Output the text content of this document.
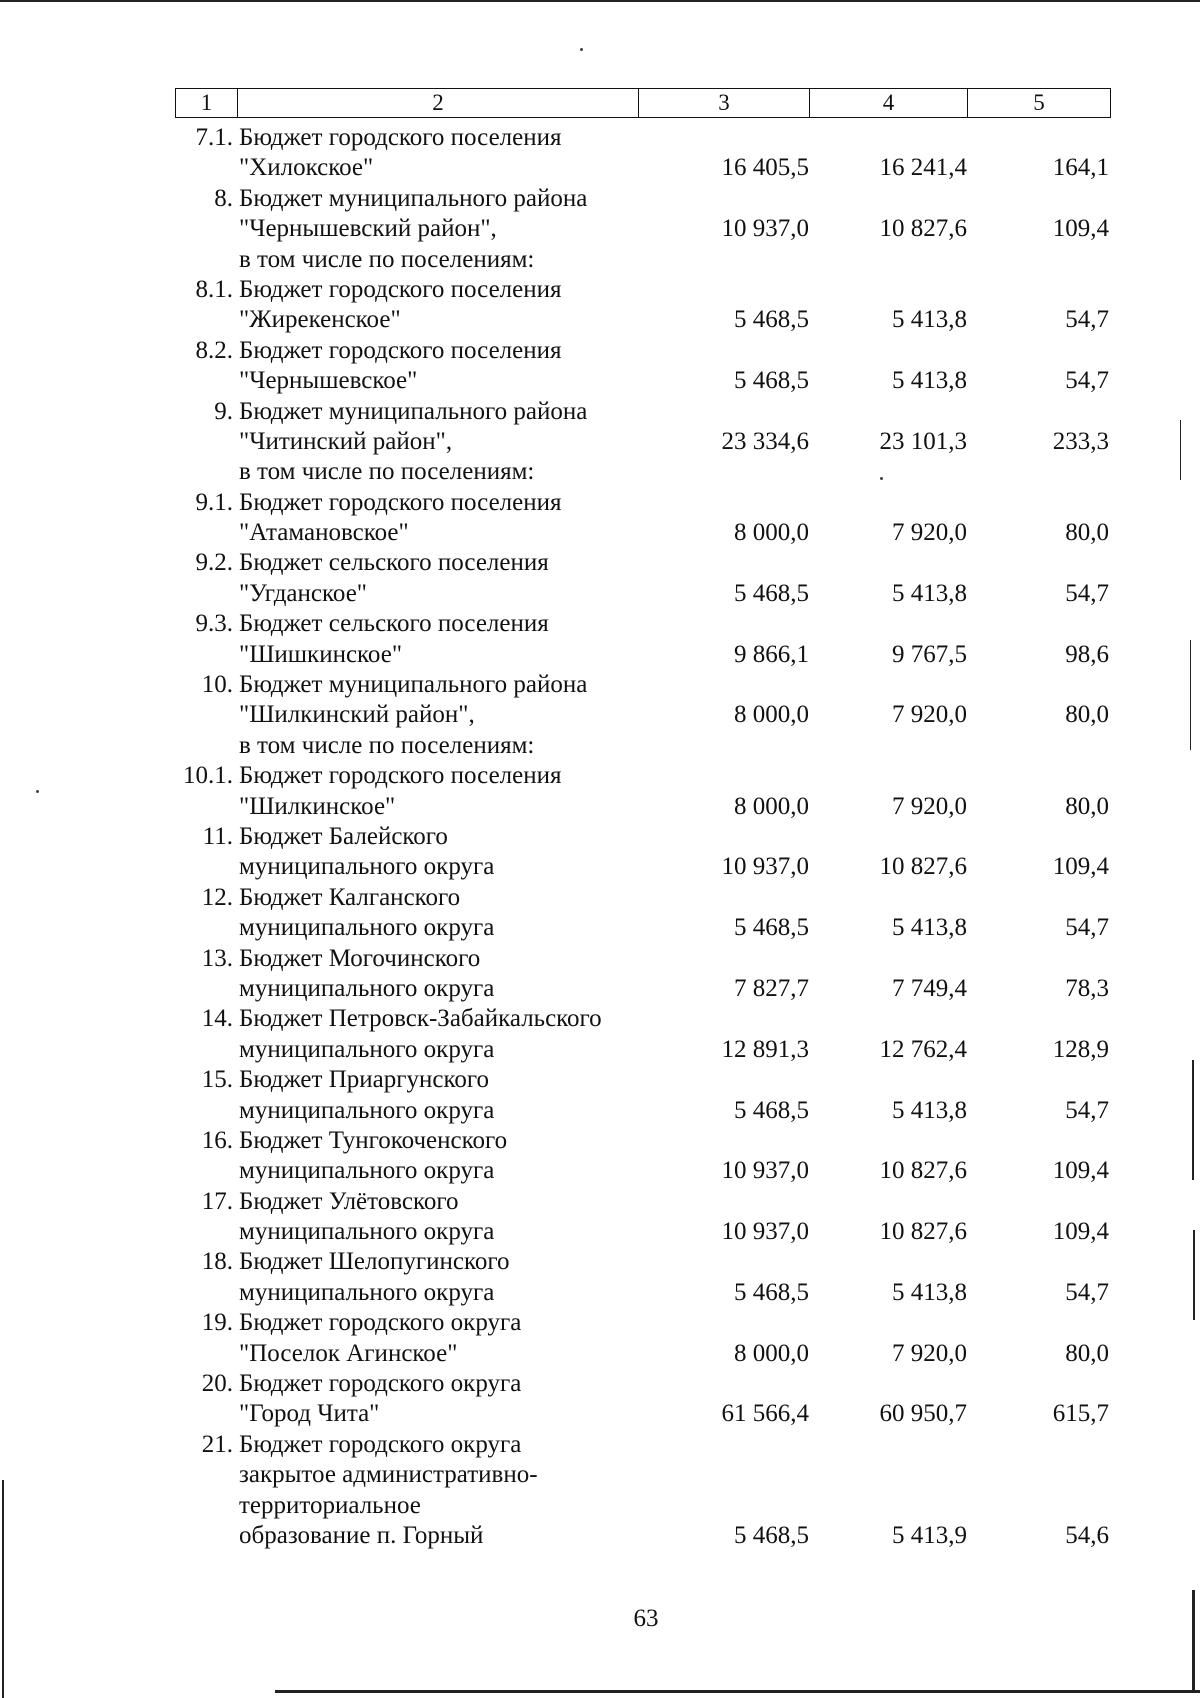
1	2	3	4	5
7.1. Бюджет городского поселения
"Хилокское"	16 405,5	16 241,4	164,1
8. Бюджет муниципального района
"Чернышевский район",	10 937,0	10 827,6	109,4
в том числе по поселениям:
8.1. Бюджет городского поселения
"Жирекенское"	5 468,5	5 413,8	54,7
8.2. Бюджет городского поселения
"Чернышевское"	5 468,5	5 413,8	54,7
9. Бюджет муниципального района
"Читинский район",	23 334,6	23 101,3	233,3
в том числе по поселениям:
9.1. Бюджет городского поселения
"Атамановское"	8 000,0	7 920,0	80,0
9.2. Бюджет сельского поселения
"Угданское"	5 468,5	5 413,8	54,7
9.3. Бюджет сельского поселения
"Шишкинское"	9 866,1	9 767,5	98,6
10. Бюджет муниципального района
"Шилкинский район",	8 000,0	7 920,0	80,0
в том числе по поселениям:
10.1. Бюджет городского поселения
"Шилкинское"	8 000,0	7 920,0	80,0
11. Бюджет Балейского
муниципального округа	10 937,0	10 827,6	109,4
12. Бюджет Калганского
муниципального округа	5 468,5	5 413,8	54,7
13. Бюджет Могочинского
муниципального округа	7 827,7	7 749,4	78,3
14. Бюджет Петровск-Забайкальского
муниципального округа	12 891,3	12 762,4	128,9
15. Бюджет Приаргунского
муниципального округа	5 468,5	5 413,8	54,7
16. Бюджет Тунгокоченского
муниципального округа	10 937,0	10 827,6	109,4
17. Бюджет Улётовского
муниципального округа	10 937,0	10 827,6	109,4
18. Бюджет Шелопугинского
муниципального округа	5 468,5	5 413,8	54,7
19. Бюджет городского округа
"Поселок Агинское"	8 000,0	7 920,0	80,0
20. Бюджет городского округа
"Город Чита"	61 566,4	60 950,7	615,7
21. Бюджет городского округа
закрытое административно-
территориальное
образование п. Горный	5 468,5	5 413,9	54,6
63
